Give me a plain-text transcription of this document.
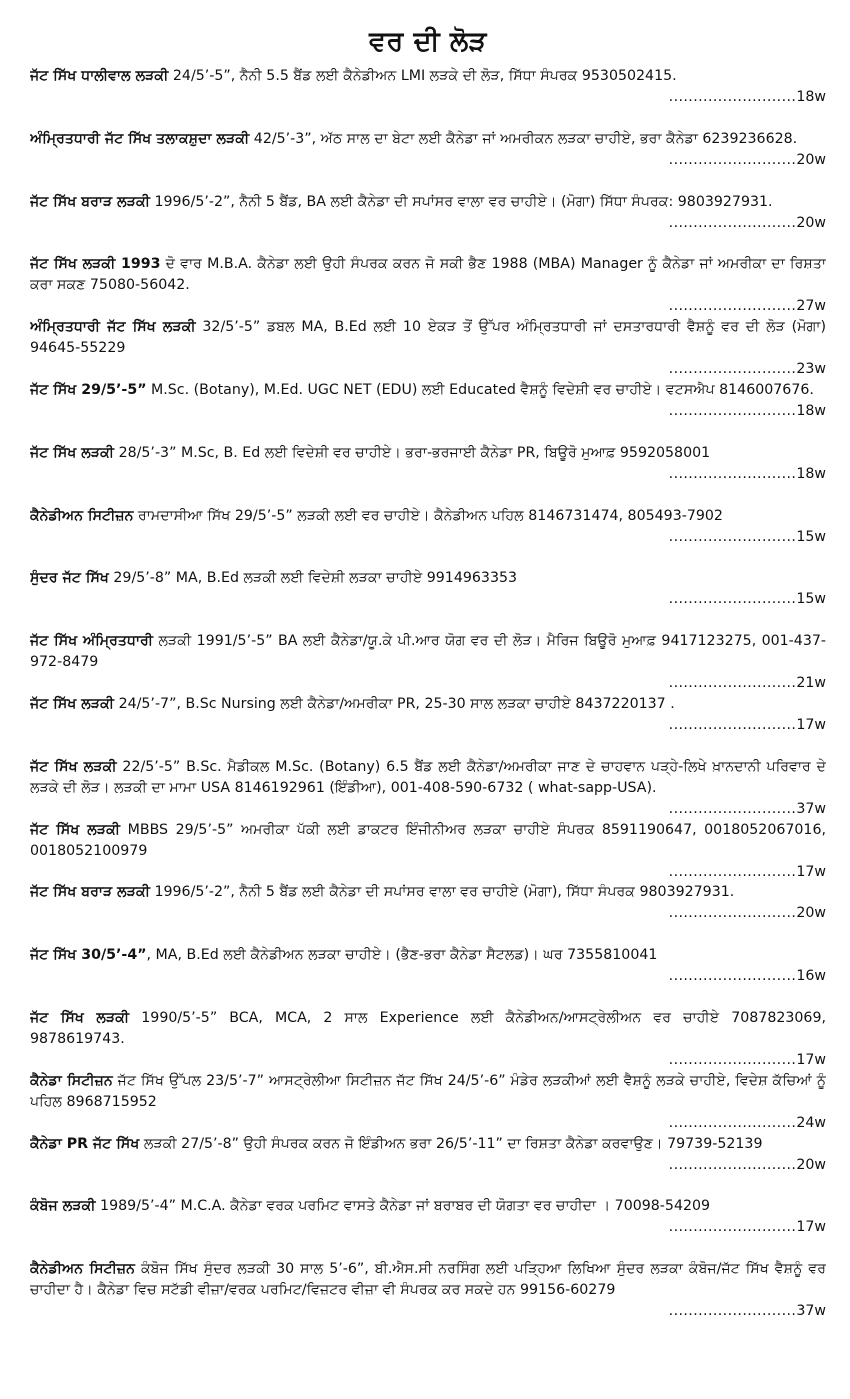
ਵਰ ਦੀ ਲੋੜ

ਜੱਟ ਸਿੱਖ ਧਾਲੀਵਾਲ ਲੜਕੀ 24/5’-5”, ਨੈਨੀ 5.5 ਬੈਂਡ ਲਈ ਕੈਨੇਡੀਅਨ LMI ਲੜਕੇ ਦੀ ਲੋੜ, ਸਿੱਧਾ ਸੰਪਰਕ 9530502415.

..........................18w

ਅੰਮ੍ਰਿਤਧਾਰੀ ਜੱਟ ਸਿੱਖ ਤਲਾਕਸ਼ੁਦਾ ਲੜਕੀ 42/5’-3”, ਅੱਠ ਸਾਲ ਦਾ ਬੇਟਾ ਲਈ ਕੈਨੇਡਾ ਜਾਂ ਅਮਰੀਕਨ ਲੜਕਾ ਚਾਹੀਏ, ਭਰਾ ਕੈਨੇਡਾ 6239236628.

..........................20w

ਜੱਟ ਸਿੱਖ ਬਰਾੜ ਲੜਕੀ 1996/5’-2”, ਨੈਨੀ 5 ਬੈਂਡ, BA ਲਈ ਕੈਨੇਡਾ ਦੀ ਸਪਾਂਸਰ ਵਾਲਾ ਵਰ ਚਾਹੀਏ। (ਮੋਗਾ) ਸਿੱਧਾ ਸੰਪਰਕ: 9803927931.

..........................20w

ਜੱਟ ਸਿੱਖ ਲੜਕੀ 1993 ਦੋ ਵਾਰ M.B.A. ਕੈਨੇਡਾ ਲਈ ਉਹੀ ਸੰਪਰਕ ਕਰਨ ਜੋ ਸਕੀ ਭੈਣ 1988 (MBA) Manager ਨੂੰ ਕੈਨੇਡਾ ਜਾਂ ਅਮਰੀਕਾ ਦਾ ਰਿਸ਼ਤਾ ਕਰਾ ਸਕਣ 75080-56042.

..........................27w

ਅੰਮ੍ਰਿਤਧਾਰੀ ਜੱਟ ਸਿੱਖ ਲੜਕੀ 32/5’-5” ਡਬਲ MA, B.Ed ਲਈ 10 ਏਕੜ ਤੋਂ ਉੱਪਰ ਅੰਮ੍ਰਿਤਧਾਰੀ ਜਾਂ ਦਸਤਾਰਧਾਰੀ ਵੈਸ਼ਨੂੰ ਵਰ ਦੀ ਲੋੜ (ਮੋਗਾ) 94645-55229

..........................23w

ਜੱਟ ਸਿੱਖ 29/5’-5” M.Sc. (Botany), M.Ed. UGC NET (EDU) ਲਈ Educated ਵੈਸ਼ਨੂੰ ਵਿਦੇਸ਼ੀ ਵਰ ਚਾਹੀਏ। ਵਟਸਐਪ 8146007676.

..........................18w

ਜੱਟ ਸਿੱਖ ਲੜਕੀ 28/5’-3” M.Sc, B. Ed ਲਈ ਵਿਦੇਸ਼ੀ ਵਰ ਚਾਹੀਏ। ਭਰਾ-ਭਰਜਾਈ ਕੈਨੇਡਾ PR, ਬਿਊਰੋ ਮੁਆਫ਼ 9592058001

..........................18w

ਕੈਨੇਡੀਅਨ ਸਿਟੀਜ਼ਨ ਰਾਮਦਾਸੀਆ ਸਿੱਖ 29/5’-5” ਲੜਕੀ ਲਈ ਵਰ ਚਾਹੀਏ। ਕੈਨੇਡੀਅਨ ਪਹਿਲ 8146731474, 805493-7902

..........................15w

ਸੁੰਦਰ ਜੱਟ ਸਿੱਖ 29/5’-8” MA, B.Ed ਲੜਕੀ ਲਈ ਵਿਦੇਸ਼ੀ ਲੜਕਾ ਚਾਹੀਏ 9914963353

..........................15w

ਜੱਟ ਸਿੱਖ ਅੰਮ੍ਰਿਤਧਾਰੀ ਲੜਕੀ 1991/5’-5” BA ਲਈ ਕੈਨੇਡਾ/ਯੂ.ਕੇ ਪੀ.ਆਰ ਯੋਗ ਵਰ ਦੀ ਲੋੜ। ਮੈਰਿਜ ਬਿਊਰੋ ਮੁਆਫ਼ 9417123275, 001-437-972-8479

..........................21w

ਜੱਟ ਸਿੱਖ ਲੜਕੀ 24/5’-7”, B.Sc Nursing ਲਈ ਕੈਨੇਡਾ/ਅਮਰੀਕਾ PR, 25-30 ਸਾਲ ਲੜਕਾ ਚਾਹੀਏ 8437220137 .

..........................17w

ਜੱਟ ਸਿੱਖ ਲੜਕੀ 22/5’-5” B.Sc. ਮੈਡੀਕਲ M.Sc. (Botany) 6.5 ਬੈਂਡ ਲਈ ਕੈਨੇਡਾ/ਅਮਰੀਕਾ ਜਾਣ ਦੇ ਚਾਹਵਾਨ ਪੜ੍ਹੇ-ਲਿਖੇ ਖ਼ਾਨਦਾਨੀ ਪਰਿਵਾਰ ਦੇ ਲੜਕੇ ਦੀ ਲੋੜ। ਲੜਕੀ ਦਾ ਮਾਮਾ USA 8146192961 (ਇੰਡੀਆ), 001-408-590-6732 ( what-sapp-USA).

..........................37w

ਜੱਟ ਸਿੱਖ ਲੜਕੀ MBBS 29/5’-5” ਅਮਰੀਕਾ ਪੱਕੀ ਲਈ ਡਾਕਟਰ ਇੰਜੀਨੀਅਰ ਲੜਕਾ ਚਾਹੀਏ ਸੰਪਰਕ 8591190647, 0018052067016, 0018052100979

..........................17w

ਜੱਟ ਸਿੱਖ ਬਰਾੜ ਲੜਕੀ 1996/5’-2”, ਨੈਨੀ 5 ਬੈਂਡ ਲਈ ਕੈਨੇਡਾ ਦੀ ਸਪਾਂਸਰ ਵਾਲਾ ਵਰ ਚਾਹੀਏ (ਮੋਗਾ), ਸਿੱਧਾ ਸੰਪਰਕ 9803927931.

..........................20w

ਜੱਟ ਸਿੱਖ 30/5’-4”, MA, B.Ed ਲਈ ਕੈਨੇਡੀਅਨ ਲੜਕਾ ਚਾਹੀਏ। (ਭੈਣ-ਭਰਾ ਕੈਨੇਡਾ ਸੈਟਲਡ)। ਘਰ 7355810041

..........................16w

ਜੱਟ ਸਿੱਖ ਲੜਕੀ 1990/5’-5” BCA, MCA, 2 ਸਾਲ Experience ਲਈ ਕੈਨੇਡੀਅਨ/ਆਸਟ੍ਰੇਲੀਅਨ ਵਰ ਚਾਹੀਏ 7087823069, 9878619743.

..........................17w

ਕੈਨੇਡਾ ਸਿਟੀਜ਼ਨ ਜੱਟ ਸਿੱਖ ਉੱਪਲ 23/5’-7” ਆਸਟ੍ਰੇਲੀਆ ਸਿਟੀਜ਼ਨ ਜੱਟ ਸਿੱਖ 24/5’-6” ਮੰਡੇਰ ਲੜਕੀਆਂ ਲਈ ਵੈਸ਼ਨੂੰ ਲੜਕੇ ਚਾਹੀਏ, ਵਿਦੇਸ਼ ਕੱਚਿਆਂ ਨੂੰ ਪਹਿਲ 8968715952

..........................24w

ਕੈਨੇਡਾ PR ਜੱਟ ਸਿੱਖ ਲੜਕੀ 27/5’-8” ਉਹੀ ਸੰਪਰਕ ਕਰਨ ਜੋ ਇੰਡੀਅਨ ਭਰਾ 26/5’-11” ਦਾ ਰਿਸ਼ਤਾ ਕੈਨੇਡਾ ਕਰਵਾਉਣ। 79739-52139

..........................20w

ਕੰਬੋਜ ਲੜਕੀ 1989/5’-4” M.C.A. ਕੈਨੇਡਾ ਵਰਕ ਪਰਮਿਟ ਵਾਸਤੇ ਕੈਨੇਡਾ ਜਾਂ ਬਰਾਬਰ ਦੀ ਯੋਗਤਾ ਵਰ ਚਾਹੀਦਾ । 70098-54209

..........................17w

ਕੈਨੇਡੀਅਨ ਸਿਟੀਜ਼ਨ ਕੰਬੋਜ ਸਿੱਖ ਸੁੰਦਰ ਲੜਕੀ 30 ਸਾਲ 5’-6”, ਬੀ.ਐਸ.ਸੀ ਨਰਸਿੰਗ ਲਈ ਪੜ੍ਹਿਆ ਲਿਖਿਆ ਸੁੰਦਰ ਲੜਕਾ ਕੰਬੋਜ/ਜੱਟ ਸਿੱਖ ਵੈਸ਼ਨੂੰ ਵਰ ਚਾਹੀਦਾ ਹੈ। ਕੈਨੇਡਾ ਵਿਚ ਸਟੱਡੀ ਵੀਜ਼ਾ/ਵਰਕ ਪਰਮਿਟ/ਵਿਜ਼ਟਰ ਵੀਜ਼ਾ ਵੀ ਸੰਪਰਕ ਕਰ ਸਕਦੇ ਹਨ 99156-60279

..........................37w
